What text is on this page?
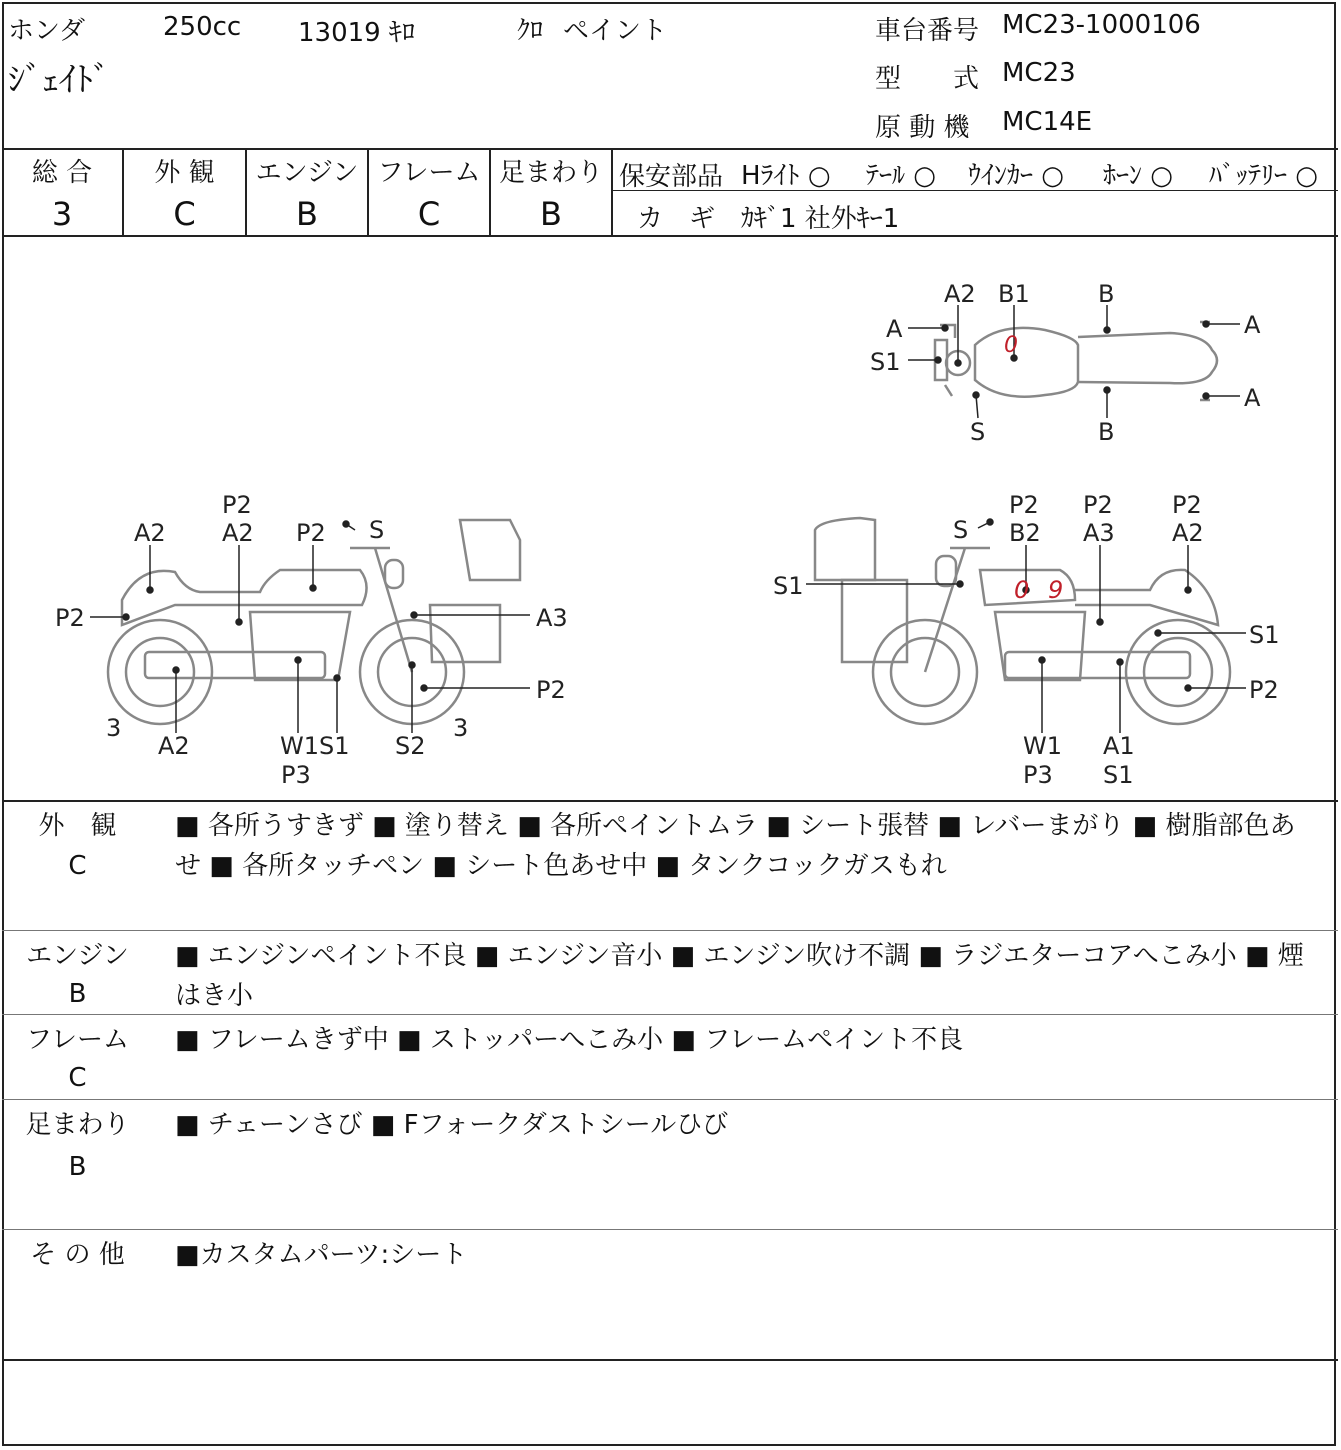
ホンダ
ｼﾞｪｲﾄﾞ
250cc 13019 ｷﾛ	ｸﾛ ペイント	車台番号 MC23-1000106
型　　式 MC23
原 動 機 MC14E
総 合
3
外 観
C
エンジン
B
フレーム
C
足まわり
B
保安部品 Hﾗｲﾄ ○ ﾃｰﾙ ○ ｳｲﾝｶｰ ○ ﾎｰﾝ ○ ﾊﾞｯﾃﾘｰ ○
カ　ギ ｶｷﾞ1 社外ｷｰ1
A2 B1	B
A
S1
S	B
A
A
A2
P2
A2 P2 S
P2	A3
P2
3
A2	W1
P3
S1 S2
3
S
P2
B2
P2
A3
P2
A2
S1
S1
P2
W1
P3
A1
S1
0
0 9
外　観
C
■ 各所うすきず ■ 塗り替え ■ 各所ペイントムラ ■ シート張替 ■ レバーまがり ■ 樹脂部色あせ ■ 各所タッチペン ■ シート色あせ中 ■ タンクコックガスもれ
エンジン
B
■ エンジンペイント不良 ■ エンジン音小 ■ エンジン吹け不調 ■ ラジエターコアへこみ小 ■ 煙はき小
フレーム
C
■ フレームきず中 ■ ストッパーへこみ小 ■ フレームペイント不良
足まわり
B
■ チェーンさび ■ Fフォークダストシールひび
そ の 他	■カスタムパーツ:シート
